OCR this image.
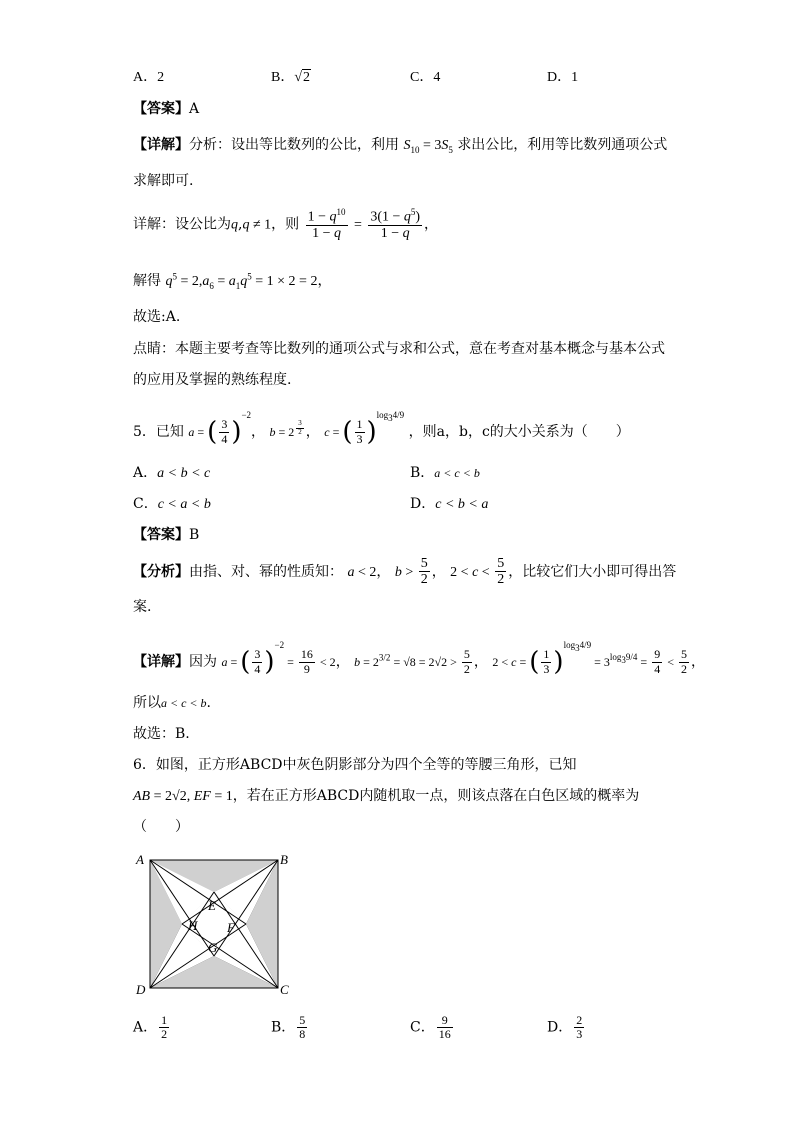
A．2	B．√2	C．4	D．1
【答案】A
【详解】分析：设出等比数列的公比，利用 $S_{10} = 3S_5$ 求出公比，利用等比数列通项公式
求解即可.
详解：设公比为q,q ≠ 1，则 $\frac{1 - q^{10}}{1 - q} = \frac{3(1 - q^5)}{1 - q}$ ，
解得 $q^5 = 2,a_6 = a_1q^5 = 1 \times 2 = 2$，
故选:A.
点睛：本题主要考查等比数列的通项公式与求和公式，意在考查对基本概念与基本公式
的应用及掌握的熟练程度.
5．已知 a = ( $\frac{3}{4} )^{-2}$， b = 2 $^{\frac{3}{2}}$ ， c = ( $\frac{1}{3} )^{log_34/9}$ ，则a，b，c的大小关系为（　　）
A．a < b < c	B．a < c < b
C．c < a < b	D．c < b < a
【答案】B
【分析】由指、对、幂的性质知： a < 2， $b > \frac{5}{2}$ ， $2 < c < \frac{5}{2}$ ，比较它们大小即可得出答
案.
【详解】因为 a = ( $\frac{3}{4} )^{-2} = \frac{16}{9} < 2$， $b = 2^{3/2} = √8 = 2√2 > \frac{5}{2}$ ， 2 < c = ( $\frac{1}{3} )^{log_34/9} = 3^{log_39/4} = \frac{9}{4} < \frac{5}{2}$ ，
所以a < c < b.
故选：B.
6．如图，正方形ABCD中灰色阴影部分为四个全等的等腰三角形，已知
AB = 2√2, EF = 1，若在正方形ABCD内随机取一点，则该点落在白色区域的概率为
（　　）
A	B
C
D
E
F
G
H
A． $\frac{1}{2}$	B． $\frac{5}{8}$	C． $\frac{9}{16}$	D． $\frac{2}{3}$
